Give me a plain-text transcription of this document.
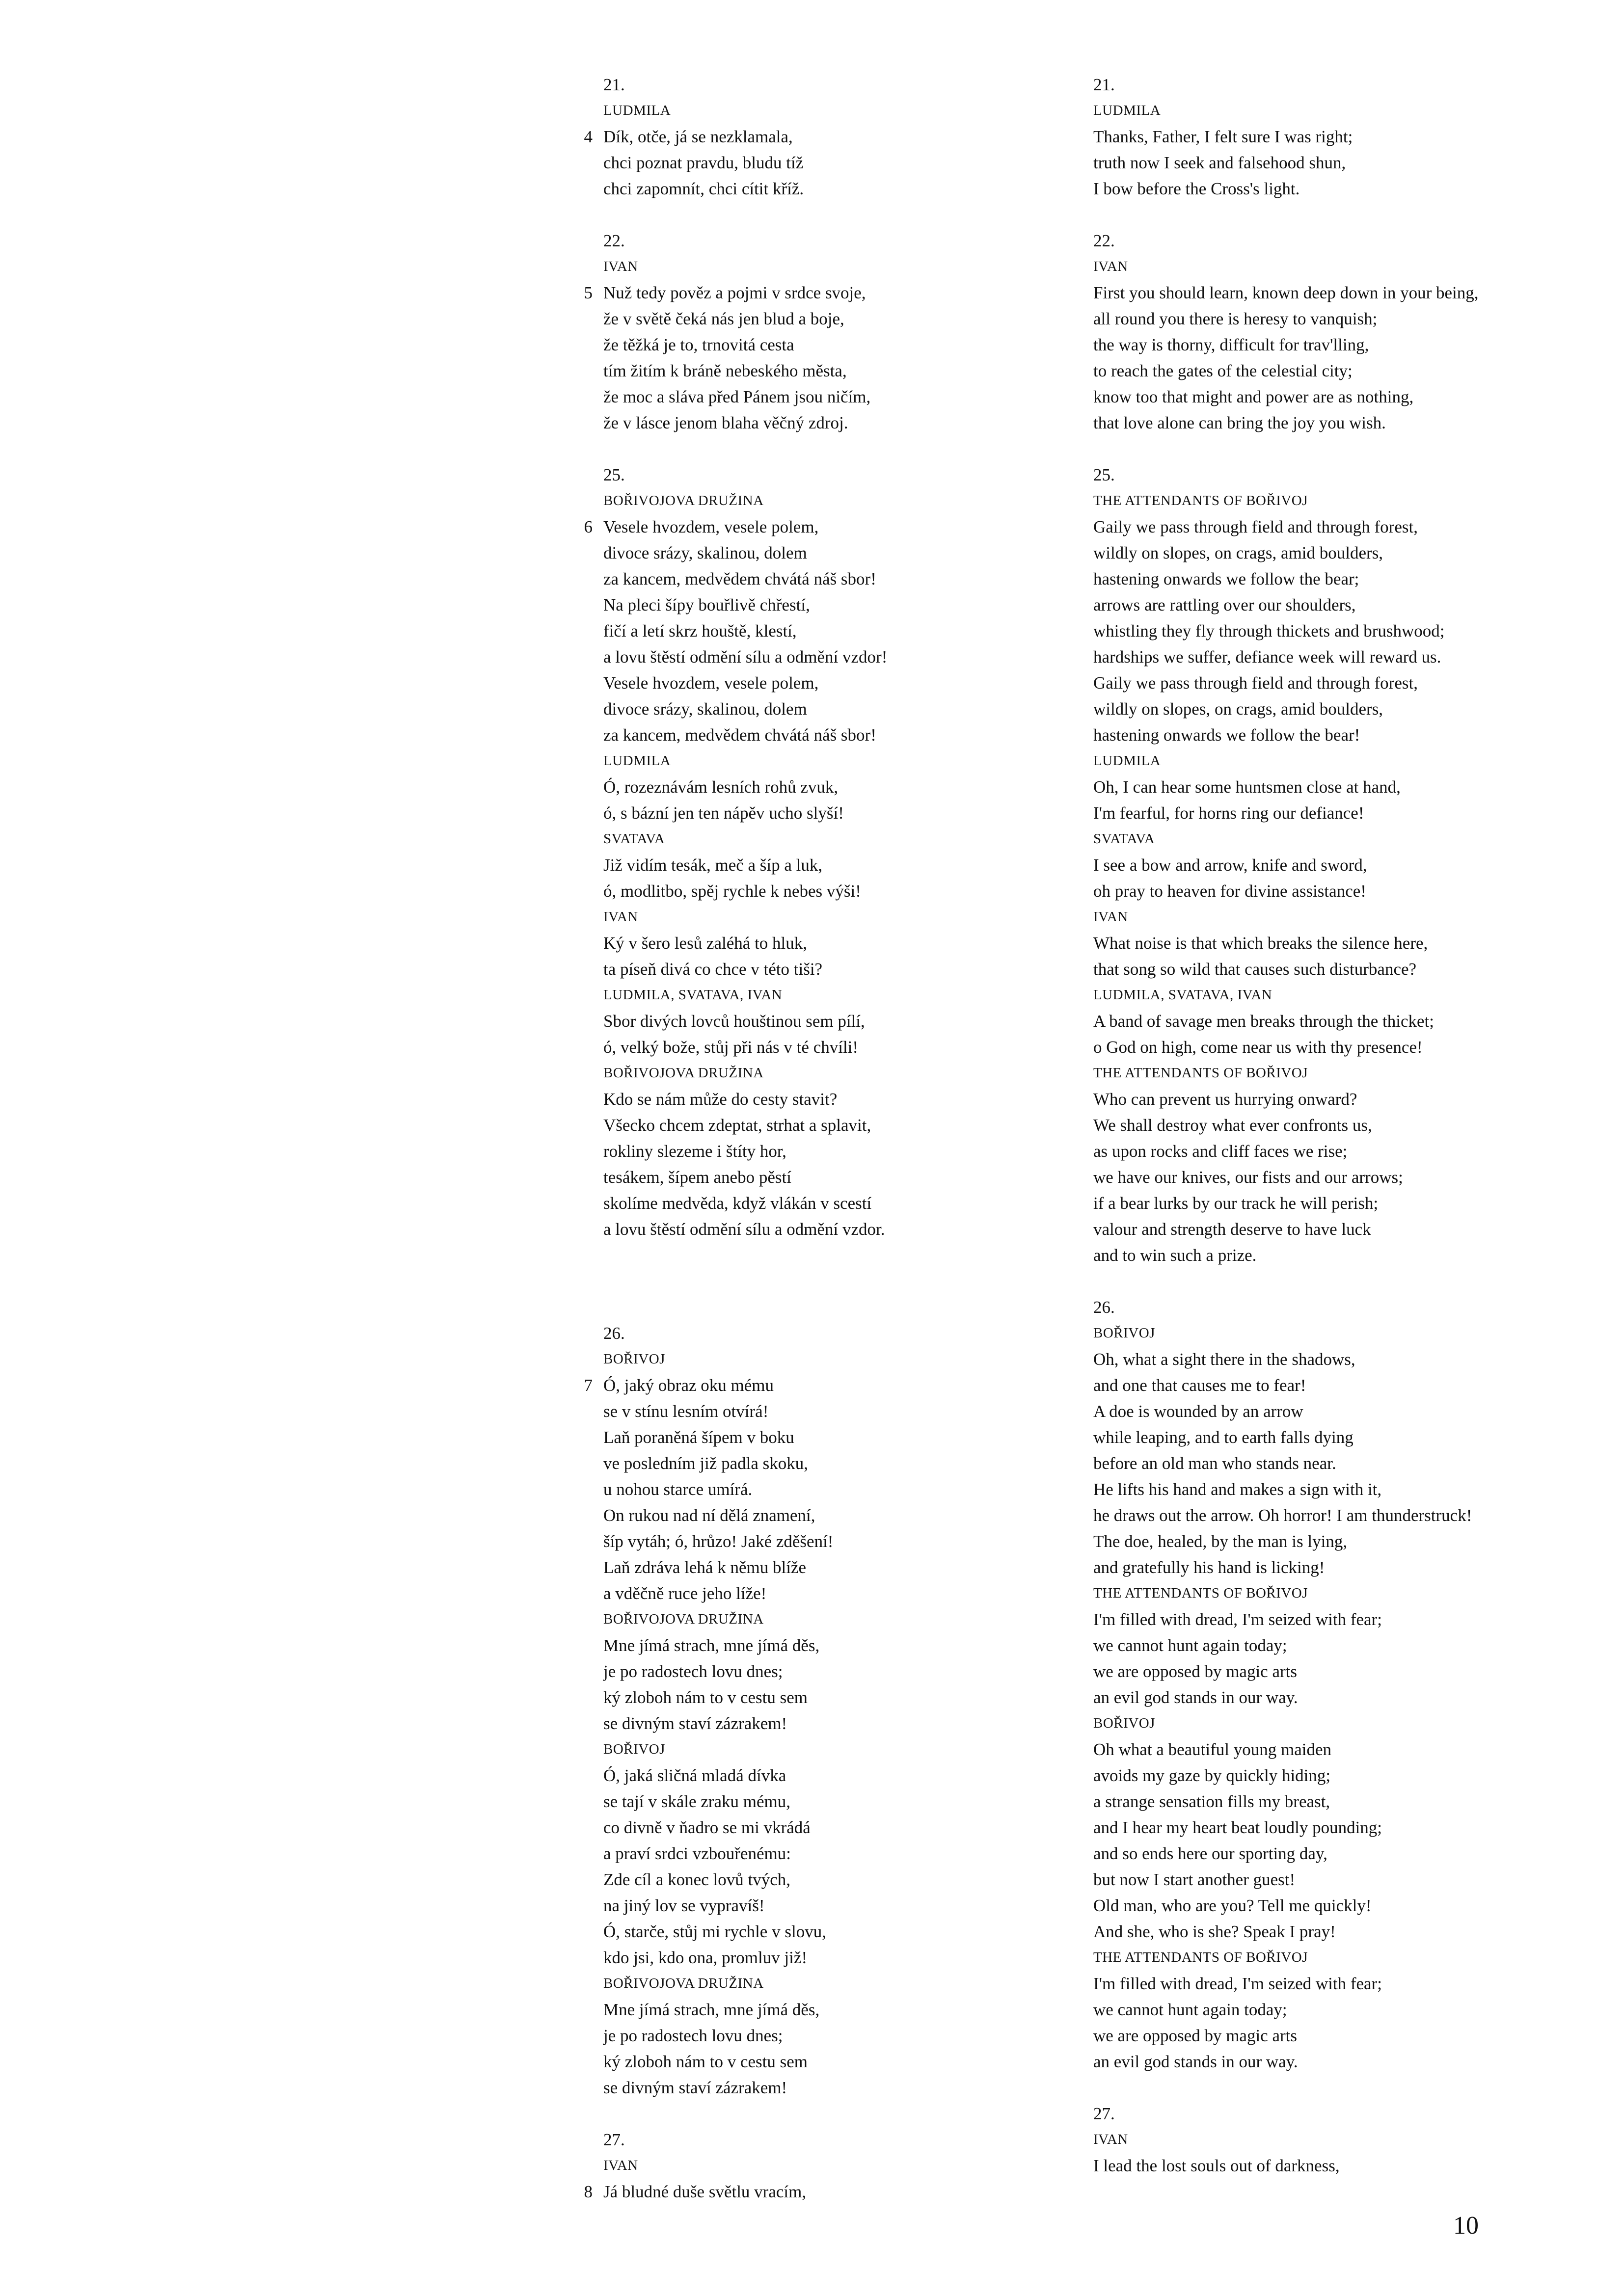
4
21.
LUDMILA
Dík, otče, já se nezklamala,
chci poznat pravdu, bludu tíž
chci zapomnít, chci cítit kříž.
5
22.
IVAN
Nuž tedy pověz a pojmi v srdce svoje,
že v světě čeká nás jen blud a boje,
že těžká je to, trnovitá cesta
tím žitím k bráně nebeského města,
že moc a sláva před Pánem jsou ničím,
že v lásce jenom blaha věčný zdroj.
6
25.
BOŘIVOJOVA DRUŽINA
Vesele hvozdem, vesele polem,
divoce srázy, skalinou, dolem
za kancem, medvědem chvátá náš sbor!
Na pleci šípy bouřlivě chřestí,
fičí a letí skrz houště, klestí,
a lovu štěstí odmění sílu a odmění vzdor!
Vesele hvozdem, vesele polem,
divoce srázy, skalinou, dolem
za kancem, medvědem chvátá náš sbor!
LUDMILA
Ó, rozeznávám lesních rohů zvuk,
ó, s bázní jen ten nápěv ucho slyší!
SVATAVA
Již vidím tesák, meč a šíp a luk,
ó, modlitbo, spěj rychle k nebes výši!
IVAN
Ký v šero lesů zaléhá to hluk,
ta píseň divá co chce v této tiši?
LUDMILA, SVATAVA, IVAN
Sbor divých lovců houštinou sem pílí,
ó, velký bože, stůj při nás v té chvíli!
BOŘIVOJOVA DRUŽINA
Kdo se nám může do cesty stavit?
Všecko chcem zdeptat, strhat a splavit,
rokliny slezeme i štíty hor,
tesákem, šípem anebo pěstí
skolíme medvěda, když vlákán v scestí
a lovu štěstí odmění sílu a odmění vzdor.
7
26.
BOŘIVOJ
Ó, jaký obraz oku mému
se v stínu lesním otvírá!
Laň poraněná šípem v boku
ve posledním již padla skoku,
u nohou starce umírá.
On rukou nad ní dělá znamení,
šíp vytáh; ó, hrůzo! Jaké zděšení!
Laň zdráva lehá k němu blíže
a vděčně ruce jeho líže!
BOŘIVOJOVA DRUŽINA
Mne jímá strach, mne jímá děs,
je po radostech lovu dnes;
ký zloboh nám to v cestu sem
se divným staví zázrakem!
BOŘIVOJ
Ó, jaká sličná mladá dívka
se tají v skále zraku mému,
co divně v ňadro se mi vkrádá
a praví srdci vzbouřenému:
Zde cíl a konec lovů tvých,
na jiný lov se vypravíš!
Ó, starče, stůj mi rychle v slovu,
kdo jsi, kdo ona, promluv již!
BOŘIVOJOVA DRUŽINA
Mne jímá strach, mne jímá děs,
je po radostech lovu dnes;
ký zloboh nám to v cestu sem
se divným staví zázrakem!
8
27.
IVAN
Já bludné duše světlu vracím,
21.
LUDMILA
Thanks, Father, I felt sure I was right;
truth now I seek and falsehood shun,
I bow before the Cross's light.
22.
IVAN
First you should learn, known deep down in your being,
all round you there is heresy to vanquish;
the way is thorny, difficult for trav'lling,
to reach the gates of the celestial city;
know too that might and power are as nothing,
that love alone can bring the joy you wish.
25.
THE ATTENDANTS OF BOŘIVOJ
Gaily we pass through field and through forest,
wildly on slopes, on crags, amid boulders,
hastening onwards we follow the bear;
arrows are rattling over our shoulders,
whistling they fly through thickets and brushwood;
hardships we suffer, defiance week will reward us.
Gaily we pass through field and through forest,
wildly on slopes, on crags, amid boulders,
hastening onwards we follow the bear!
LUDMILA
Oh, I can hear some huntsmen close at hand,
I'm fearful, for horns ring our defiance!
SVATAVA
I see a bow and arrow, knife and sword,
oh pray to heaven for divine assistance!
IVAN
What noise is that which breaks the silence here,
that song so wild that causes such disturbance?
LUDMILA, SVATAVA, IVAN
A band of savage men breaks through the thicket;
o God on high, come near us with thy presence!
THE ATTENDANTS OF BOŘIVOJ
Who can prevent us hurrying onward?
We shall destroy what ever confronts us,
as upon rocks and cliff faces we rise;
we have our knives, our fists and our arrows;
if a bear lurks by our track he will perish;
valour and strength deserve to have luck
and to win such a prize.
26.
BOŘIVOJ
Oh, what a sight there in the shadows,
and one that causes me to fear!
A doe is wounded by an arrow
while leaping, and to earth falls dying
before an old man who stands near.
He lifts his hand and makes a sign with it,
he draws out the arrow. Oh horror! I am thunderstruck!
The doe, healed, by the man is lying,
and gratefully his hand is licking!
THE ATTENDANTS OF BOŘIVOJ
I'm filled with dread, I'm seized with fear;
we cannot hunt again today;
we are opposed by magic arts
an evil god stands in our way.
BOŘIVOJ
Oh what a beautiful young maiden
avoids my gaze by quickly hiding;
a strange sensation fills my breast,
and I hear my heart beat loudly pounding;
and so ends here our sporting day,
but now I start another guest!
Old man, who are you? Tell me quickly!
And she, who is she? Speak I pray!
THE ATTENDANTS OF BOŘIVOJ
I'm filled with dread, I'm seized with fear;
we cannot hunt again today;
we are opposed by magic arts
an evil god stands in our way.
27.
IVAN
I lead the lost souls out of darkness,
10
